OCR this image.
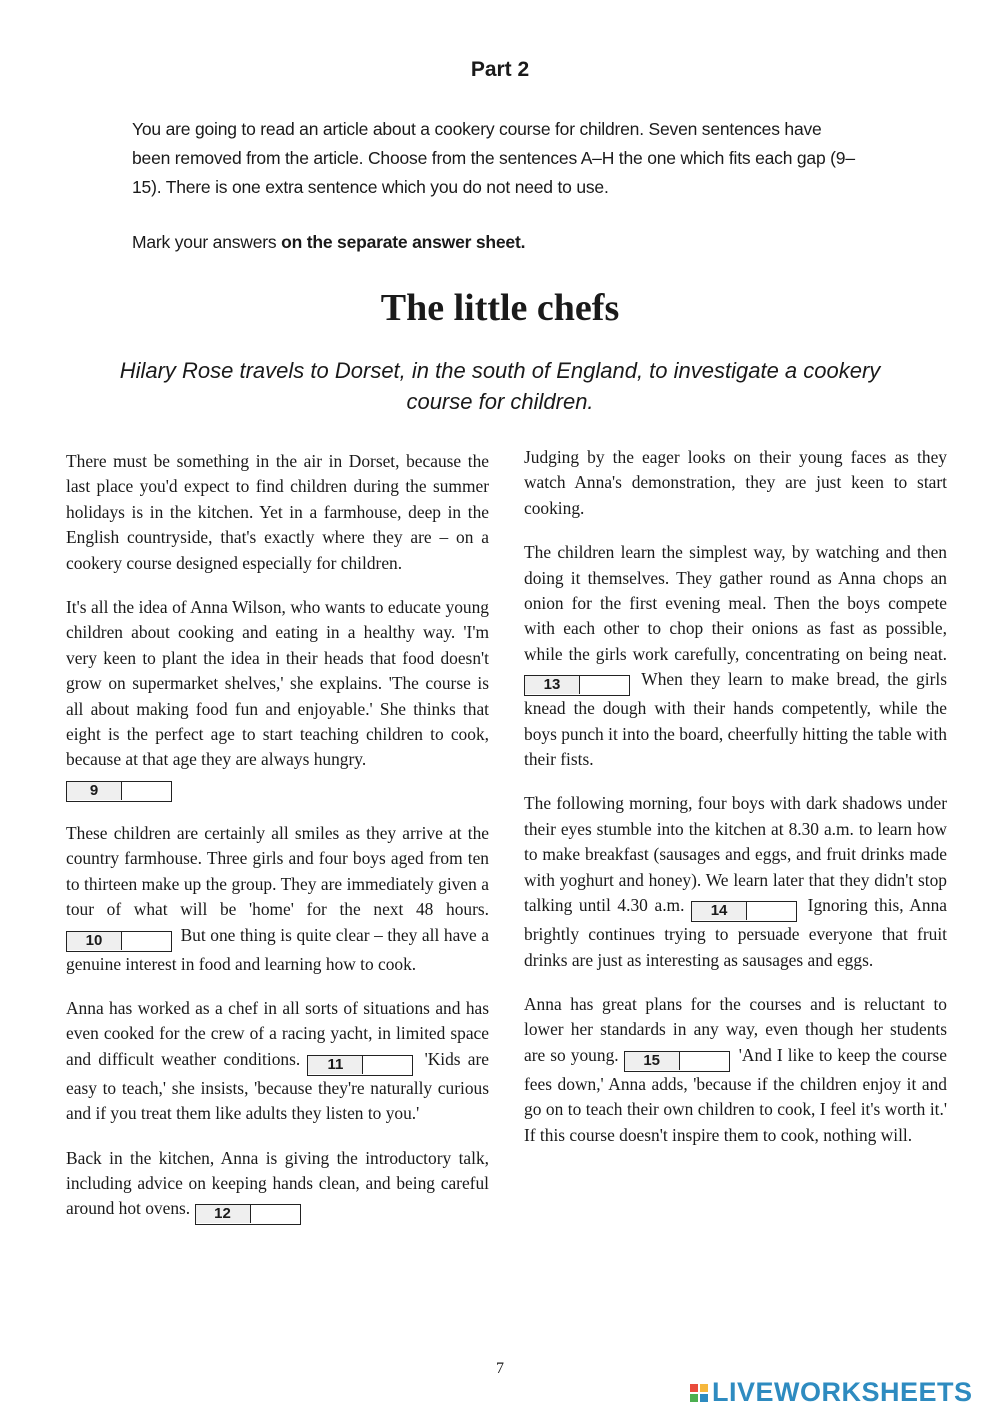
Part 2
You are going to read an article about a cookery course for children. Seven sentences have been removed from the article. Choose from the sentences A–H the one which fits each gap (9–15). There is one extra sentence which you do not need to use.
Mark your answers on the separate answer sheet.
The little chefs
Hilary Rose travels to Dorset, in the south of England, to investigate a cookery course for children.

There must be something in the air in Dorset, because the last place you'd expect to find children during the summer holidays is in the kitchen. Yet in a farmhouse, deep in the English countryside, that's exactly where they are – on a cookery course designed especially for children.

It's all the idea of Anna Wilson, who wants to educate young children about cooking and eating in a healthy way. 'I'm very keen to plant the idea in their heads that food doesn't grow on supermarket shelves,' she explains. 'The course is all about making food fun and enjoyable.' She thinks that eight is the perfect age to start teaching children to cook, because at that age they are always hungry.
9

These children are certainly all smiles as they arrive at the country farmhouse. Three girls and four boys aged from ten to thirteen make up the group. They are immediately given a tour of what will be 'home' for the next 48 hours. 10	But one thing is quite clear – they all have a genuine interest in food and learning how to cook.

Anna has worked as a chef in all sorts of situations and has even cooked for the crew of a racing yacht, in limited space and difficult weather conditions. 11	'Kids are easy to teach,' she insists, 'because they're naturally curious and if you treat them like adults they listen to you.'

Back in the kitchen, Anna is giving the introductory talk, including advice on keeping hands clean, and being careful around hot ovens. 12

Judging by the eager looks on their young faces as they watch Anna's demonstration, they are just keen to start cooking.

The children learn the simplest way, by watching and then doing it themselves. They gather round as Anna chops an onion for the first evening meal. Then the boys compete with each other to chop their onions as fast as possible, while the girls work carefully, concentrating on being neat. 13	When they learn to make bread, the girls knead the dough with their hands competently, while the boys punch it into the board, cheerfully hitting the table with their fists.

The following morning, four boys with dark shadows under their eyes stumble into the kitchen at 8.30 a.m. to learn how to make breakfast (sausages and eggs, and fruit drinks made with yoghurt and honey). We learn later that they didn't stop talking until 4.30 a.m. 14	Ignoring this, Anna brightly continues trying to persuade everyone that fruit drinks are just as interesting as sausages and eggs.

Anna has great plans for the courses and is reluctant to lower her standards in any way, even though her students are so young. 15	'And I like to keep the course fees down,' Anna adds, 'because if the children enjoy it and go on to teach their own children to cook, I feel it's worth it.' If this course doesn't inspire them to cook, nothing will.

7
LIVEWORKSHEETS
